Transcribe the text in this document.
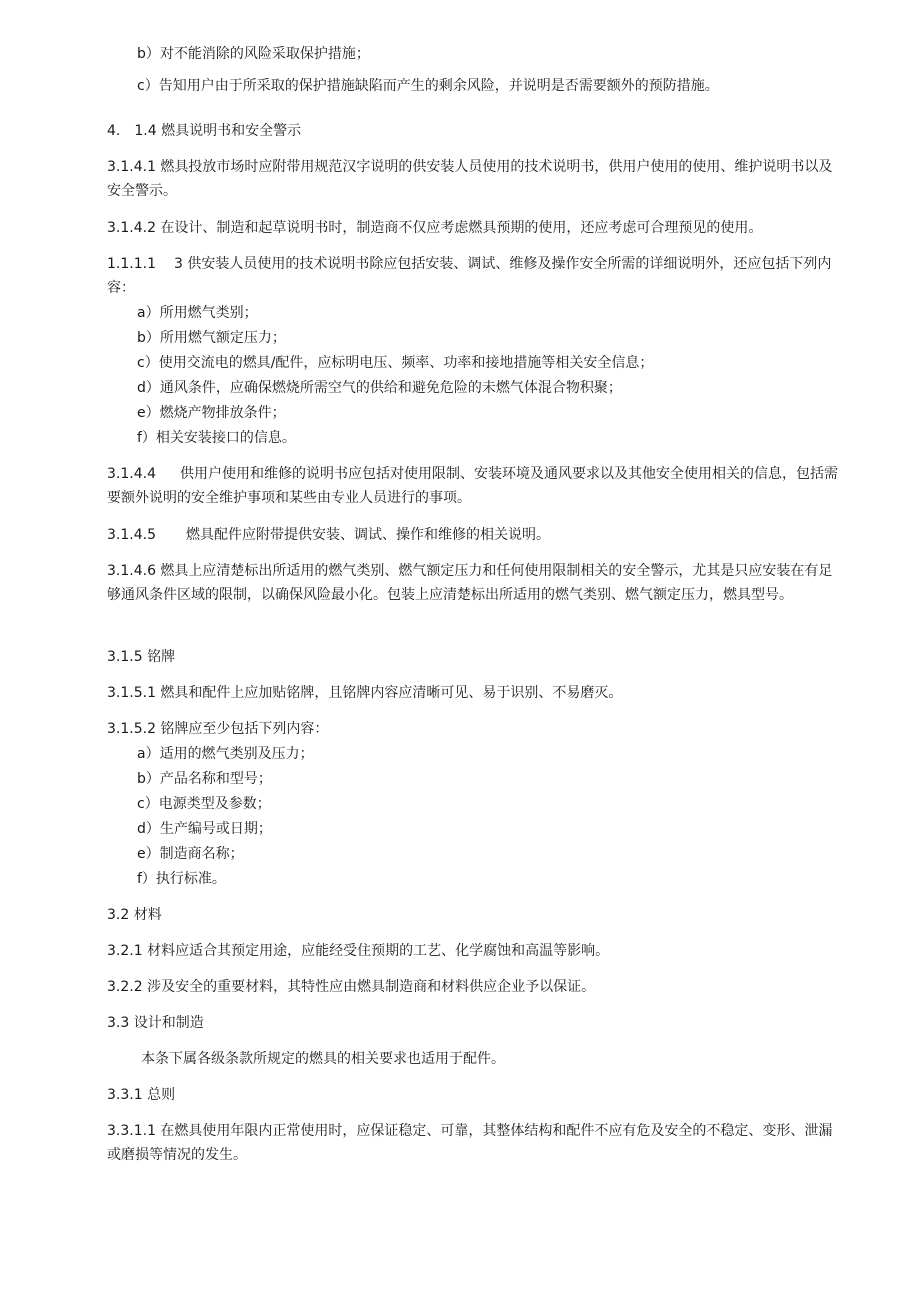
b）对不能消除的风险采取保护措施；
c）告知用户由于所采取的保护措施缺陷而产生的剩余风险，并说明是否需要额外的预防措施。
4. 1.4 燃具说明书和安全警示
3.1.4.1 燃具投放市场时应附带用规范汉字说明的供安装人员使用的技术说明书，供用户使用的使用、维护说明书以及安全警示。
3.1.4.2 在设计、制造和起草说明书时，制造商不仅应考虑燃具预期的使用，还应考虑可合理预见的使用。
1.1.1.1 3 供安装人员使用的技术说明书除应包括安装、调试、维修及操作安全所需的详细说明外，还应包括下列内容：
a）所用燃气类别；
b）所用燃气额定压力；
c）使用交流电的燃具/配件，应标明电压、频率、功率和接地措施等相关安全信息；
d）通风条件，应确保燃烧所需空气的供给和避免危险的未燃气体混合物积聚；
e）燃烧产物排放条件；
f）相关安装接口的信息。
3.1.4.4 供用户使用和维修的说明书应包括对使用限制、安装环境及通风要求以及其他安全使用相关的信息，包括需要额外说明的安全维护事项和某些由专业人员进行的事项。
3.1.4.5 燃具配件应附带提供安装、调试、操作和维修的相关说明。
3.1.4.6 燃具上应清楚标出所适用的燃气类别、燃气额定压力和任何使用限制相关的安全警示，尤其是只应安装在有足够通风条件区域的限制，以确保风险最小化。包装上应清楚标出所适用的燃气类别、燃气额定压力，燃具型号。
3.1.5 铭牌
3.1.5.1 燃具和配件上应加贴铭牌，且铭牌内容应清晰可见、易于识别、不易磨灭。
3.1.5.2 铭牌应至少包括下列内容：
a）适用的燃气类别及压力；
b）产品名称和型号；
c）电源类型及参数；
d）生产编号或日期；
e）制造商名称；
f）执行标准。
3.2 材料
3.2.1 材料应适合其预定用途，应能经受住预期的工艺、化学腐蚀和高温等影响。
3.2.2 涉及安全的重要材料，其特性应由燃具制造商和材料供应企业予以保证。
3.3 设计和制造
本条下属各级条款所规定的燃具的相关要求也适用于配件。
3.3.1 总则
3.3.1.1 在燃具使用年限内正常使用时，应保证稳定、可靠，其整体结构和配件不应有危及安全的不稳定、变形、泄漏或磨损等情况的发生。
